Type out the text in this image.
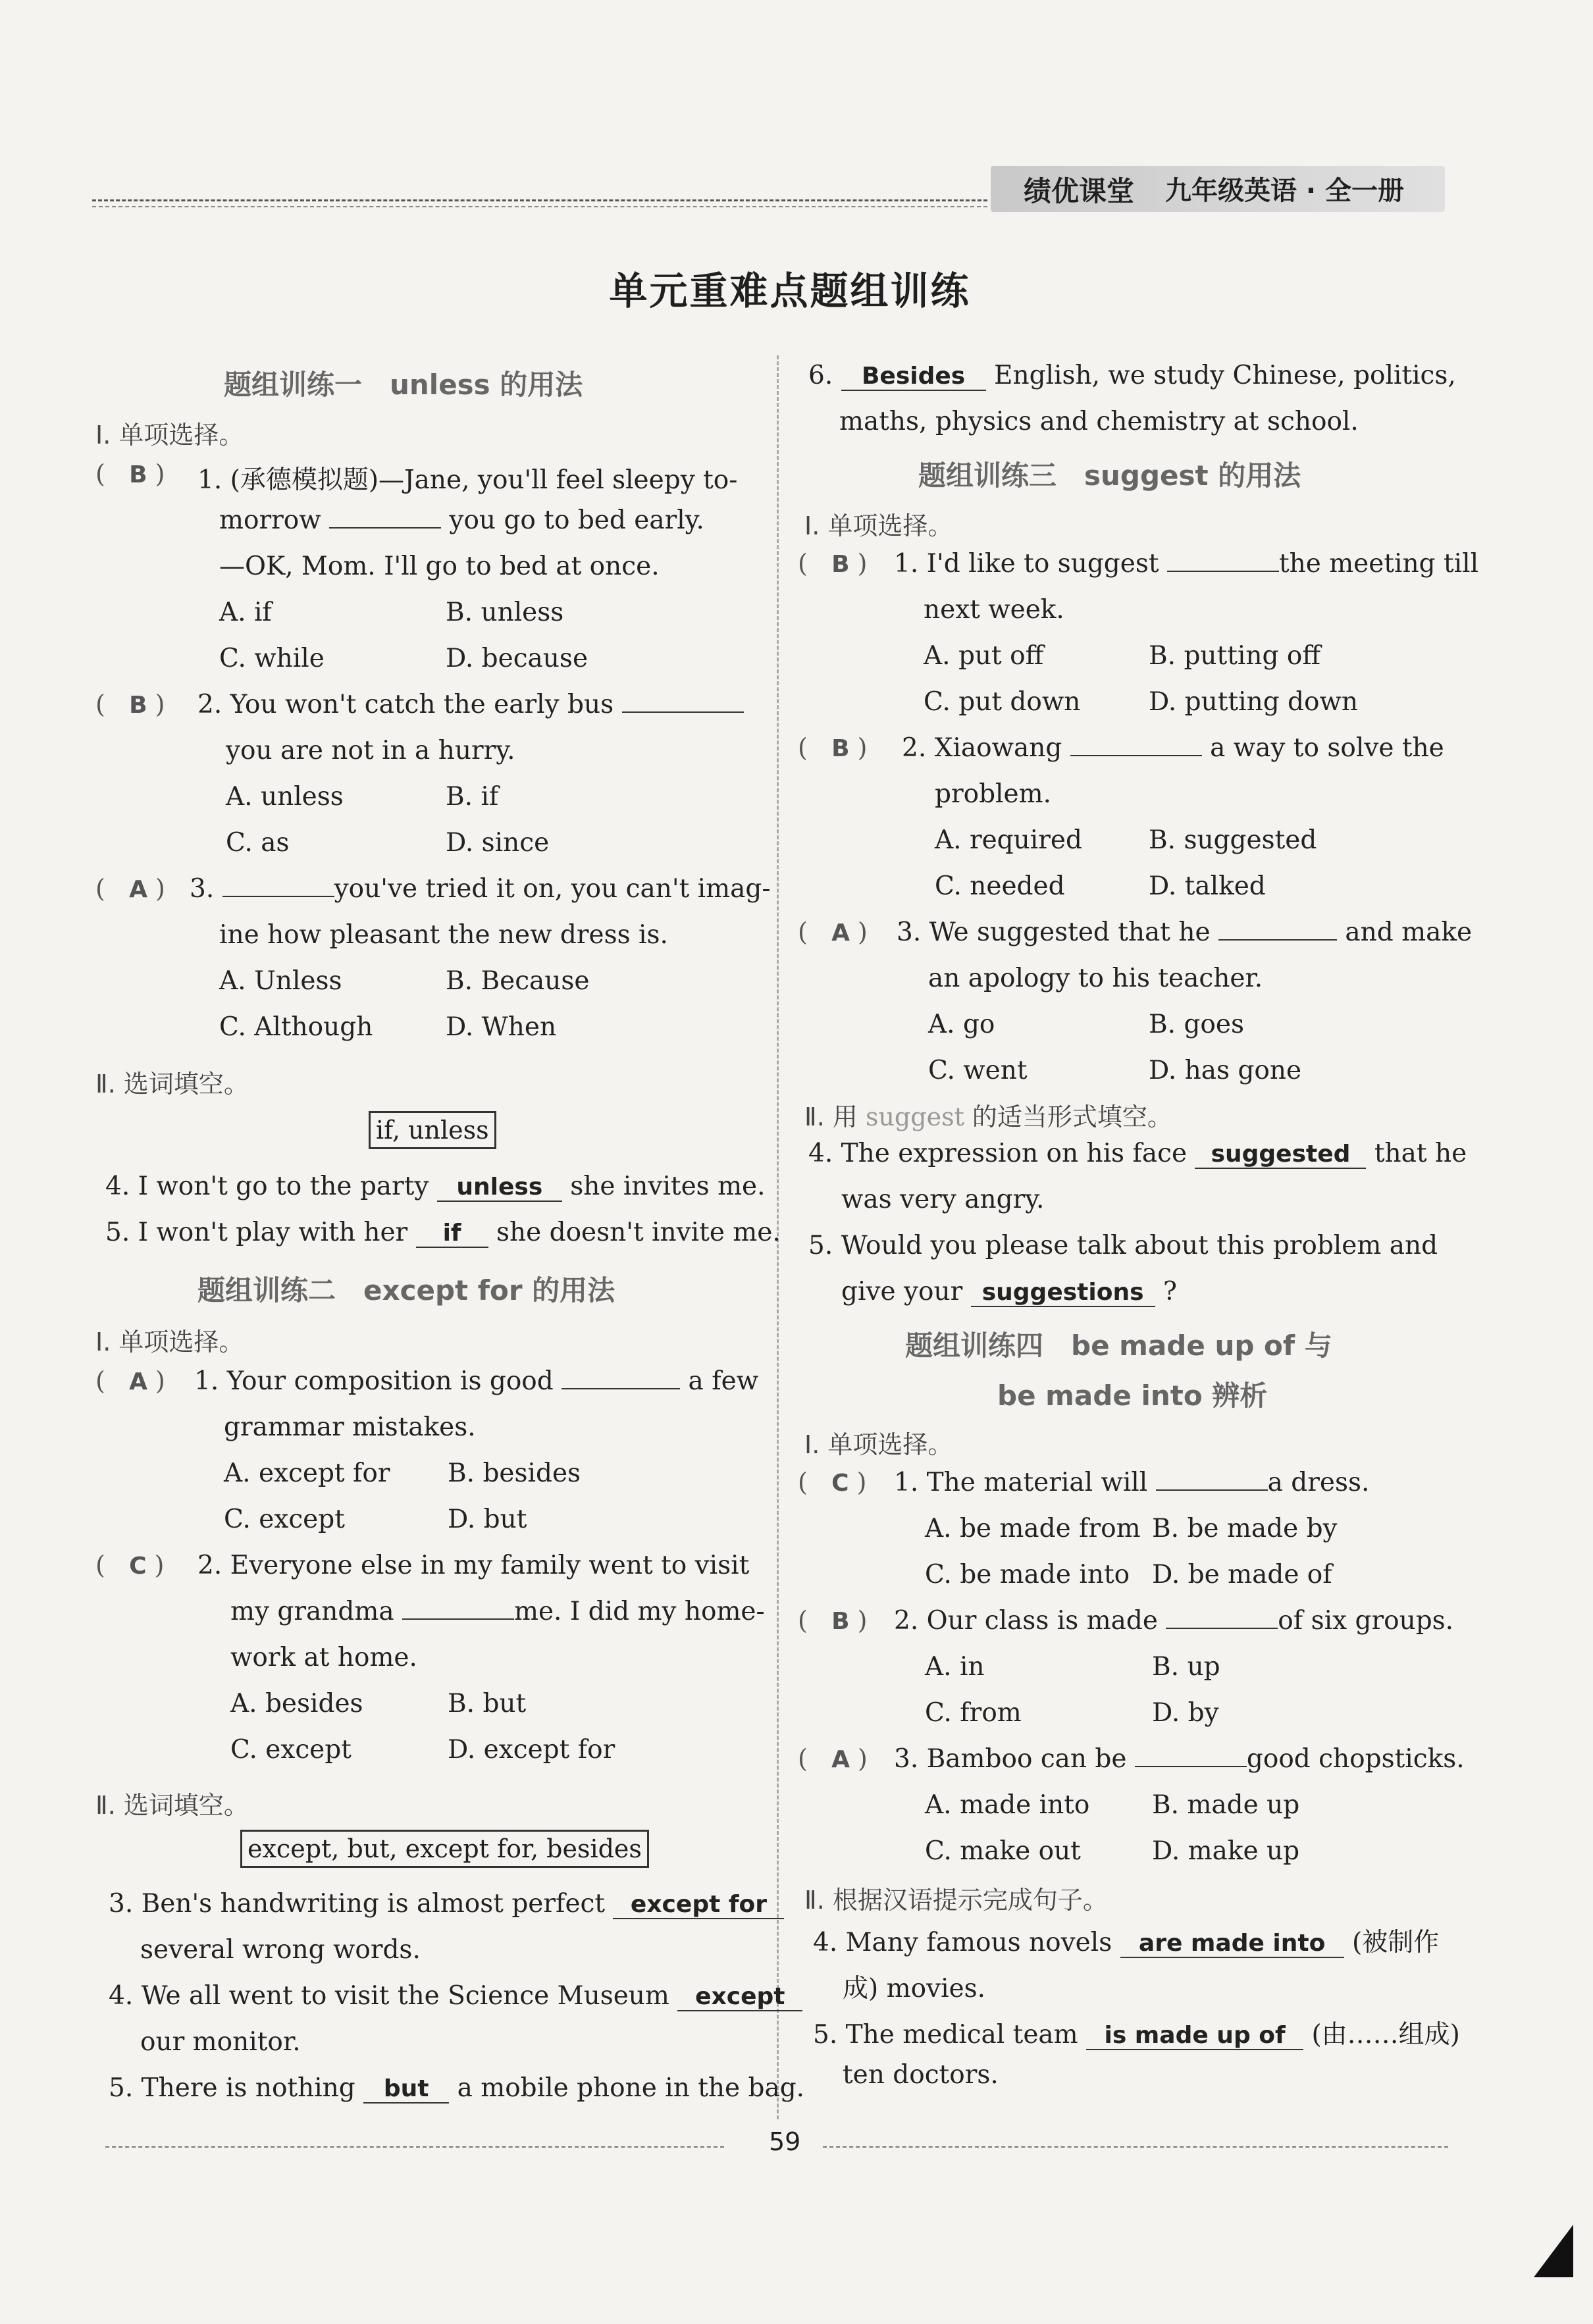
绩优课堂 九年级英语 · 全一册
单元重难点题组训练
题组训练一　unless 的用法
Ⅰ. 单项选择。
(   B ) 1. (承德模拟题)—Jane, you'll feel sleepy to-
morrow	you go to bed early.
—OK, Mom. I'll go to bed at once.
A. if	B. unless
C. while	D. because
(   B ) 2. You won't catch the early bus
you are not in a hurry.
A. unless	B. if
C. as	D. since
(   A ) 3.	you've tried it on, you can't imag-
ine how pleasant the new dress is.
A. Unless	B. Because
C. Although	D. When
Ⅱ. 选词填空。
if, unless
4. I won't go to the party unless she invites me.
5. I won't play with her if she doesn't invite me.
题组训练二　except for 的用法
Ⅰ. 单项选择。
(   A ) 1. Your composition is good	a few
grammar mistakes.
A. except for B. besides
C. except	D. but
(   C ) 2. Everyone else in my family went to visit
my grandma	me. I did my home-
work at home.
A. besides	B. but
C. except	D. except for
Ⅱ. 选词填空。
except, but, except for, besides
3. Ben's handwriting is almost perfect except for
several wrong words.
4. We all went to visit the Science Museum except
our monitor.
5. There is nothing but a mobile phone in the bag.
6. Besides English, we study Chinese, politics,
maths, physics and chemistry at school.
题组训练三　suggest 的用法
Ⅰ. 单项选择。
(   B ) 1. I'd like to suggest	the meeting till
next week.
A. put off	B. putting off
C. put down	D. putting down
(   B ) 2. Xiaowang	a way to solve the
problem.
A. required	B. suggested
C. needed	D. talked
(   A ) 3. We suggested that he	and make
an apology to his teacher.
A. go	B. goes
C. went	D. has gone
Ⅱ. 用 suggest 的适当形式填空。
4. The expression on his face suggested that he
was very angry.
5. Would you please talk about this problem and
give your suggestions ?
题组训练四　be made up of 与
be made into 辨析
Ⅰ. 单项选择。
(   C ) 1. The material will	a dress.
A. be made from B. be made by
C. be made into D. be made of
(   B ) 2. Our class is made	of six groups.
A. in	B. up
C. from	D. by
(   A ) 3. Bamboo can be	good chopsticks.
A. made into B. made up
C. make out	D. make up
Ⅱ. 根据汉语提示完成句子。
4. Many famous novels are made into (被制作
成) movies.
5. The medical team is made up of (由……组成)
ten doctors.
59
